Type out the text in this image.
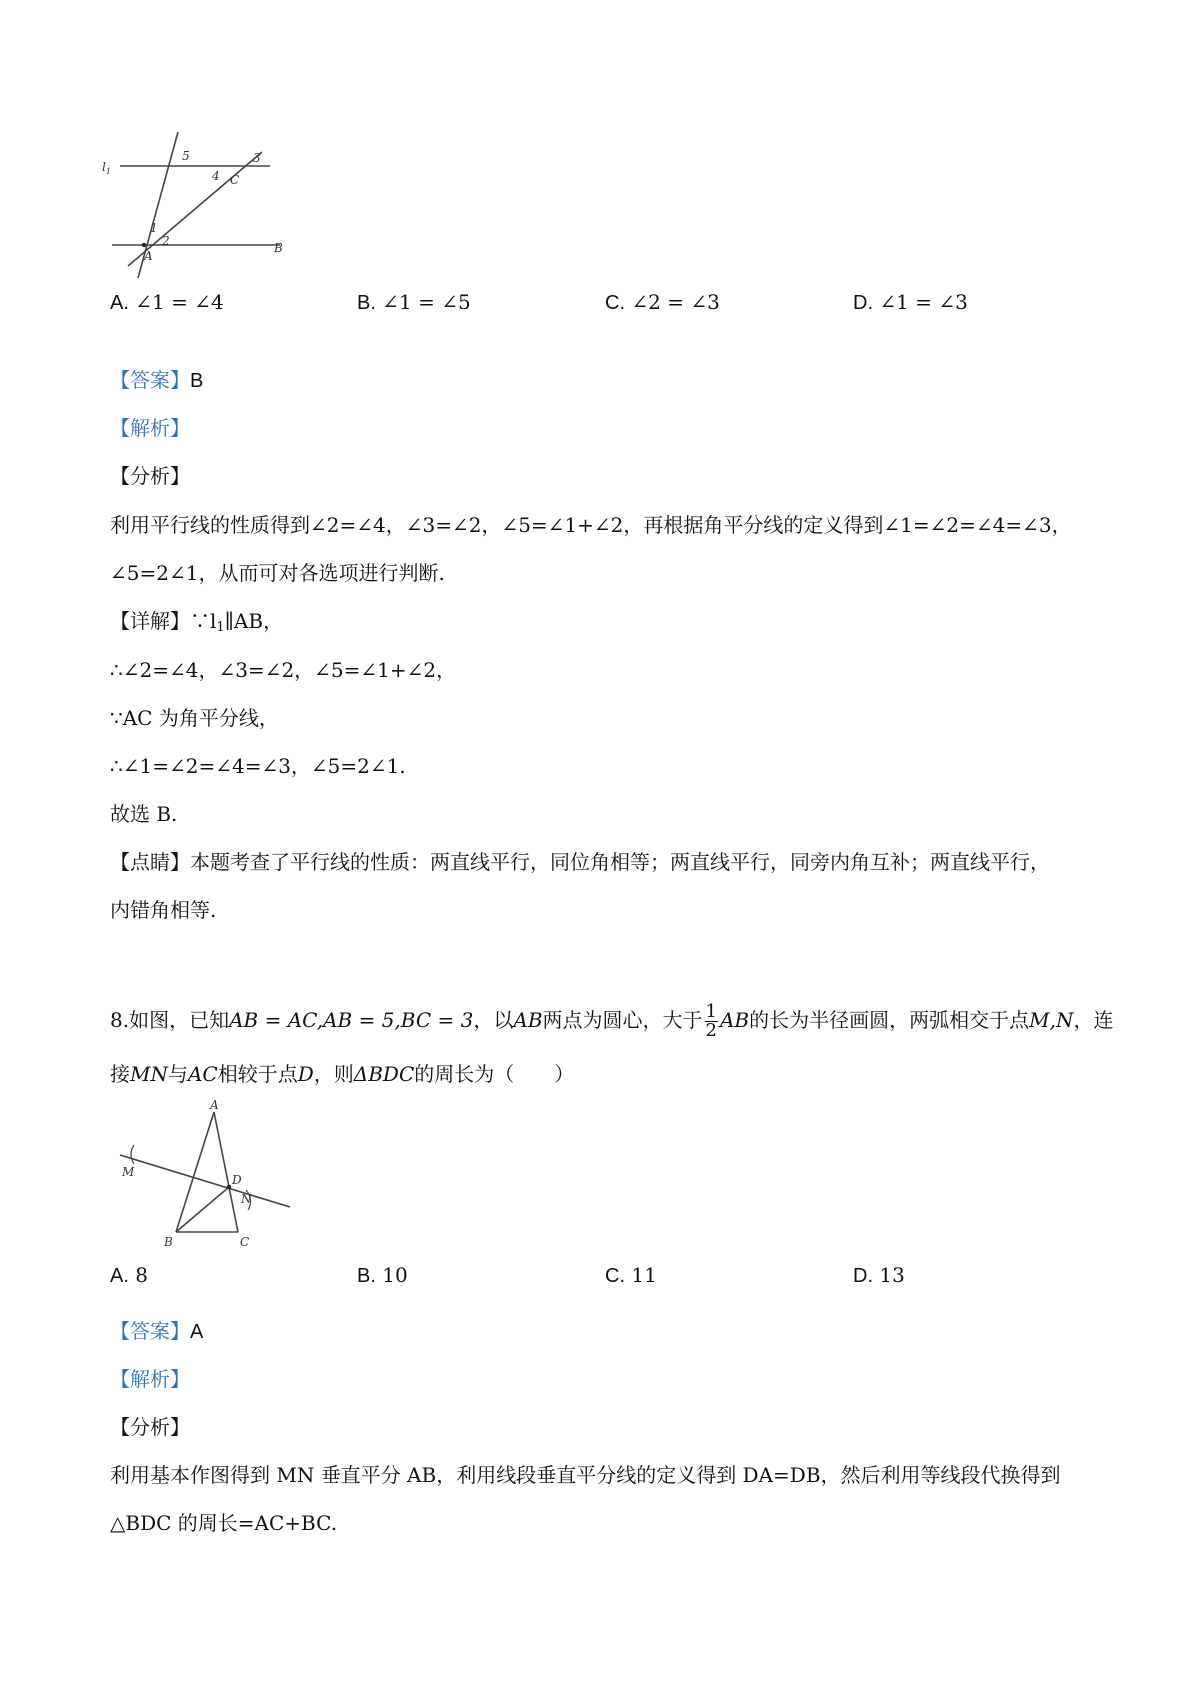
$l_1$
5	3
4 C
1
2
A
B
A. ∠1 = ∠4	B. ∠1 = ∠5	C. ∠2 = ∠3	D. ∠1 = ∠3
【答案】B
【解析】
【分析】
利用平行线的性质得到∠2=∠4，∠3=∠2，∠5=∠1+∠2，再根据角平分线的定义得到∠1=∠2=∠4=∠3，
∠5=2∠1，从而可对各选项进行判断.
【详解】$\because l_1\parallel AB$，
∴∠2=∠4，∠3=∠2，∠5=∠1+∠2，
∵AC 为角平分线，
∴∠1=∠2=∠4=∠3，∠5=2∠1.
故选 B.
【点睛】本题考查了平行线的性质：两直线平行，同位角相等；两直线平行，同旁内角互补；两直线平行，
内错角相等.
8.如图，已知AB = AC,AB = 5,BC = 3，以AB两点为圆心，大于 $\frac{1}{2}$ AB的长为半径画圆，两弧相交于点M,N，连
接MN与AC相较于点D，则ΔBDC的周长为（　　）
A
M
D
N
B	C
A. 8	B. 10	C. 11	D. 13
【答案】A
【解析】
【分析】
利用基本作图得到 MN 垂直平分 AB，利用线段垂直平分线的定义得到 DA=DB，然后利用等线段代换得到
△BDC 的周长=AC+BC.
